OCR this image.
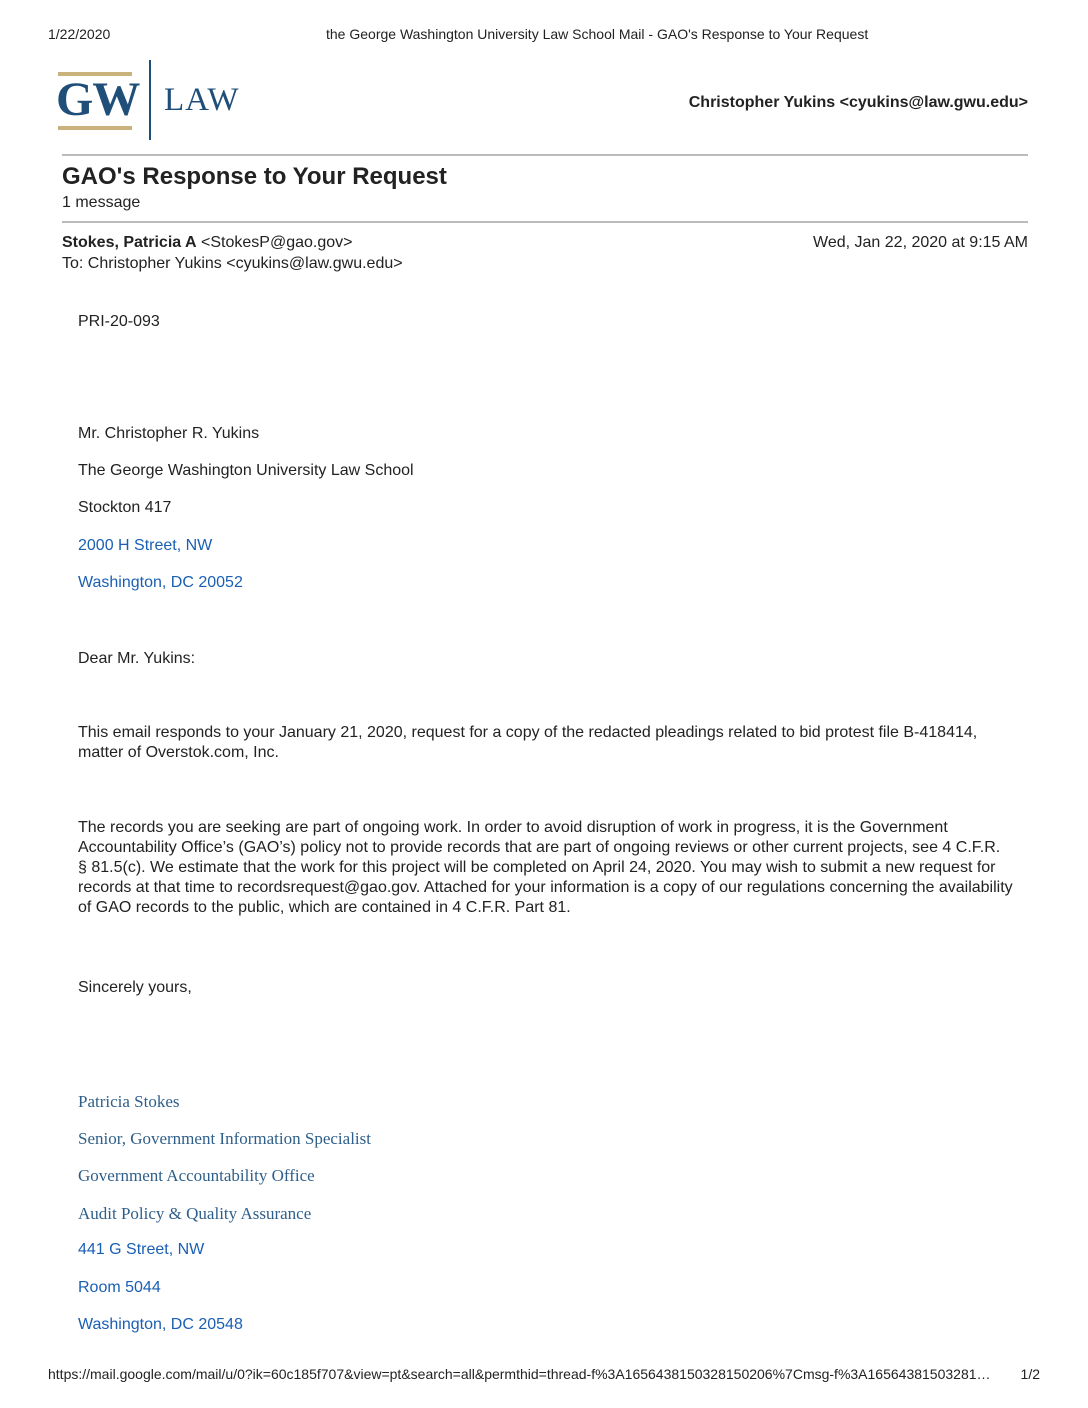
1/22/2020	the George Washington University Law School Mail - GAO's Response to Your Request
GW LAW	Christopher Yukins <cyukins@law.gwu.edu>
GAO's Response to Your Request
1 message
Stokes, Patricia A <StokesP@gao.gov>	Wed, Jan 22, 2020 at 9:15 AM
To: Christopher Yukins <cyukins@law.gwu.edu>
PRI-20-093
Mr. Christopher R. Yukins
The George Washington University Law School
Stockton 417
2000 H Street, NW
Washington, DC 20052
Dear Mr. Yukins:
This email responds to your January 21, 2020, request for a copy of the redacted pleadings related to bid protest file B-418414, matter of Overstok.com, Inc.
The records you are seeking are part of ongoing work. In order to avoid disruption of work in progress, it is the Government Accountability Office’s (GAO’s) policy not to provide records that are part of ongoing reviews or other current projects, see 4 C.F.R. § 81.5(c). We estimate that the work for this project will be completed on April 24, 2020. You may wish to submit a new request for records at that time to recordsrequest@gao.gov. Attached for your information is a copy of our regulations concerning the availability of GAO records to the public, which are contained in 4 C.F.R. Part 81.
Sincerely yours,
Patricia Stokes
Senior, Government Information Specialist
Government Accountability Office
Audit Policy & Quality Assurance
441 G Street, NW
Room 5044
Washington, DC 20548
https://mail.google.com/mail/u/0?ik=60c185f707&view=pt&search=all&permthid=thread-f%3A1656438150328150206%7Cmsg-f%3A16564381503281…	1/2
